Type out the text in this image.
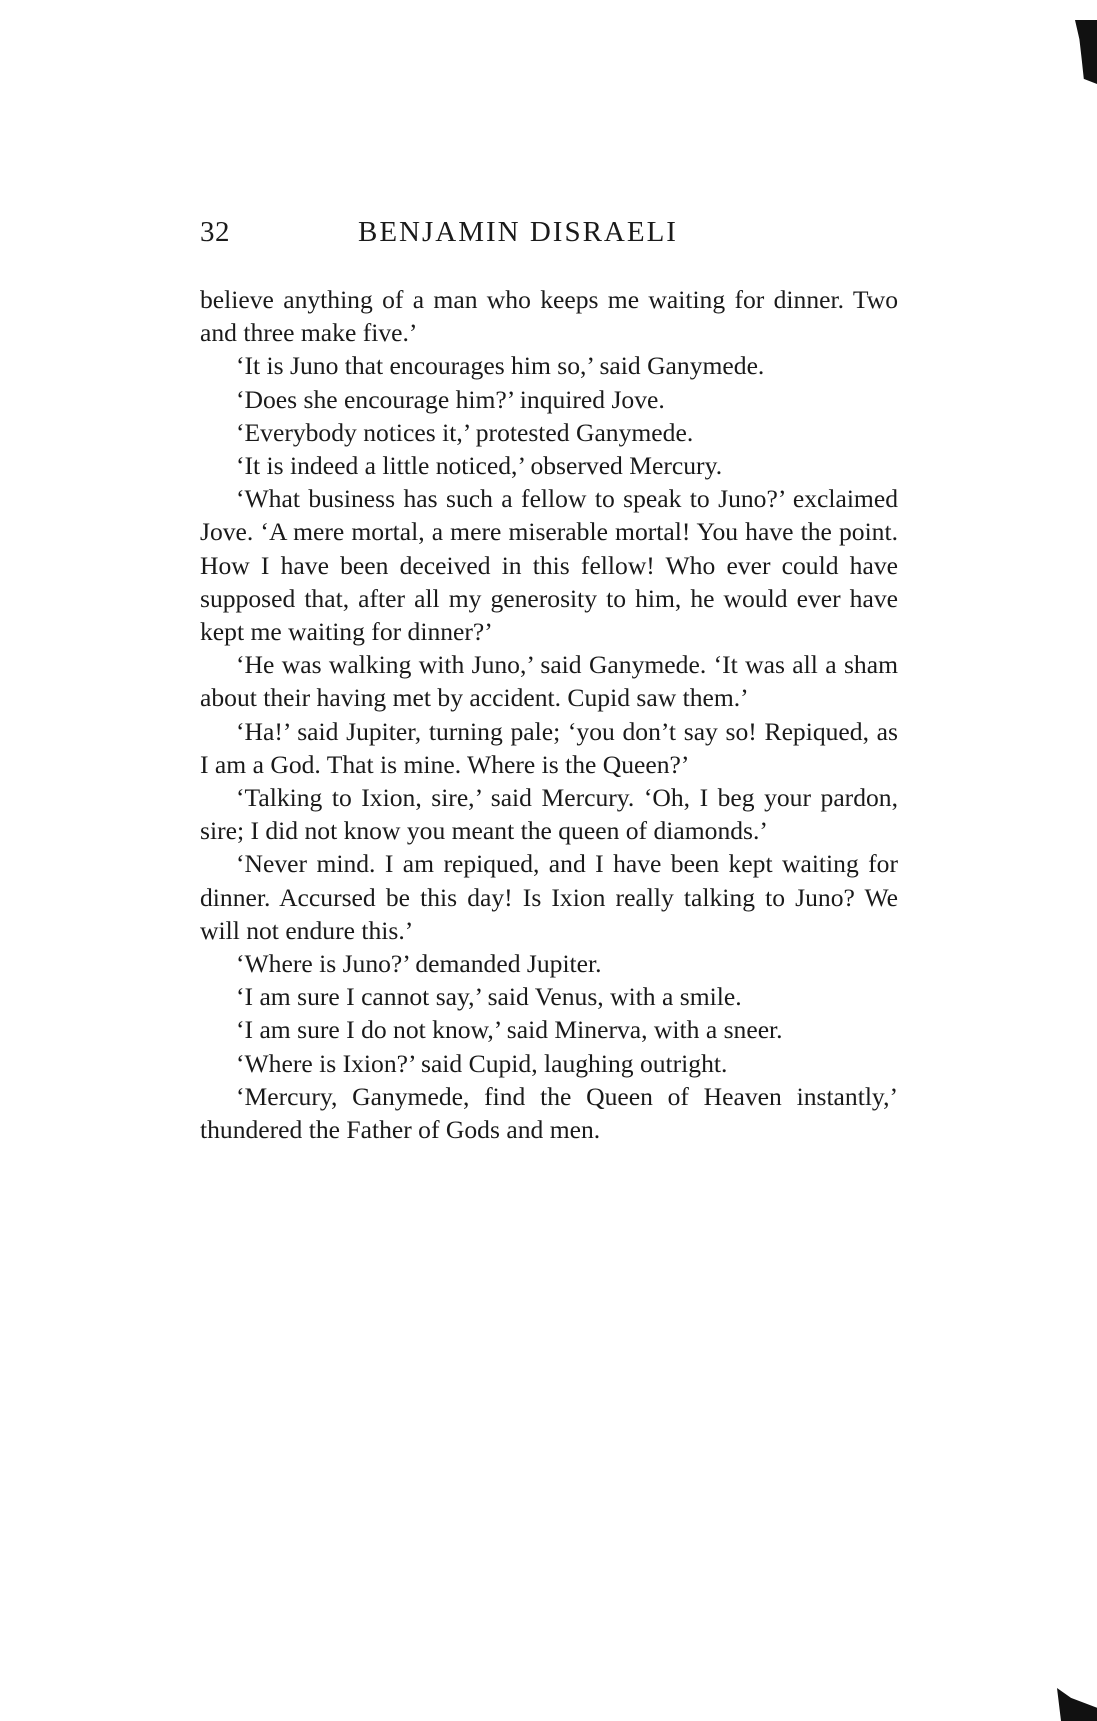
32	BENJAMIN DISRAELI

believe anything of a man who keeps me waiting for dinner. Two and three make five.’

‘It is Juno that encourages him so,’ said Ganymede.

‘Does she encourage him?’ inquired Jove.

‘Everybody notices it,’ protested Ganymede.

‘It is indeed a little noticed,’ observed Mercury.

‘What business has such a fellow to speak to Juno?’ exclaimed Jove. ‘A mere mortal, a mere miserable mortal! You have the point. How I have been deceived in this fellow! Who ever could have supposed that, after all my generosity to him, he would ever have kept me waiting for dinner?’

‘He was walking with Juno,’ said Ganymede. ‘It was all a sham about their having met by accident. Cupid saw them.’

‘Ha!’ said Jupiter, turning pale; ‘you don’t say so! Repiqued, as I am a God. That is mine. Where is the Queen?’

‘Talking to Ixion, sire,’ said Mercury. ‘Oh, I beg your pardon, sire; I did not know you meant the queen of diamonds.’

‘Never mind. I am repiqued, and I have been kept waiting for dinner. Accursed be this day! Is Ixion really talking to Juno? We will not endure this.’

‘Where is Juno?’ demanded Jupiter.

‘I am sure I cannot say,’ said Venus, with a smile.

‘I am sure I do not know,’ said Minerva, with a sneer.

‘Where is Ixion?’ said Cupid, laughing outright.

‘Mercury, Ganymede, find the Queen of Heaven instantly,’ thundered the Father of Gods and men.
